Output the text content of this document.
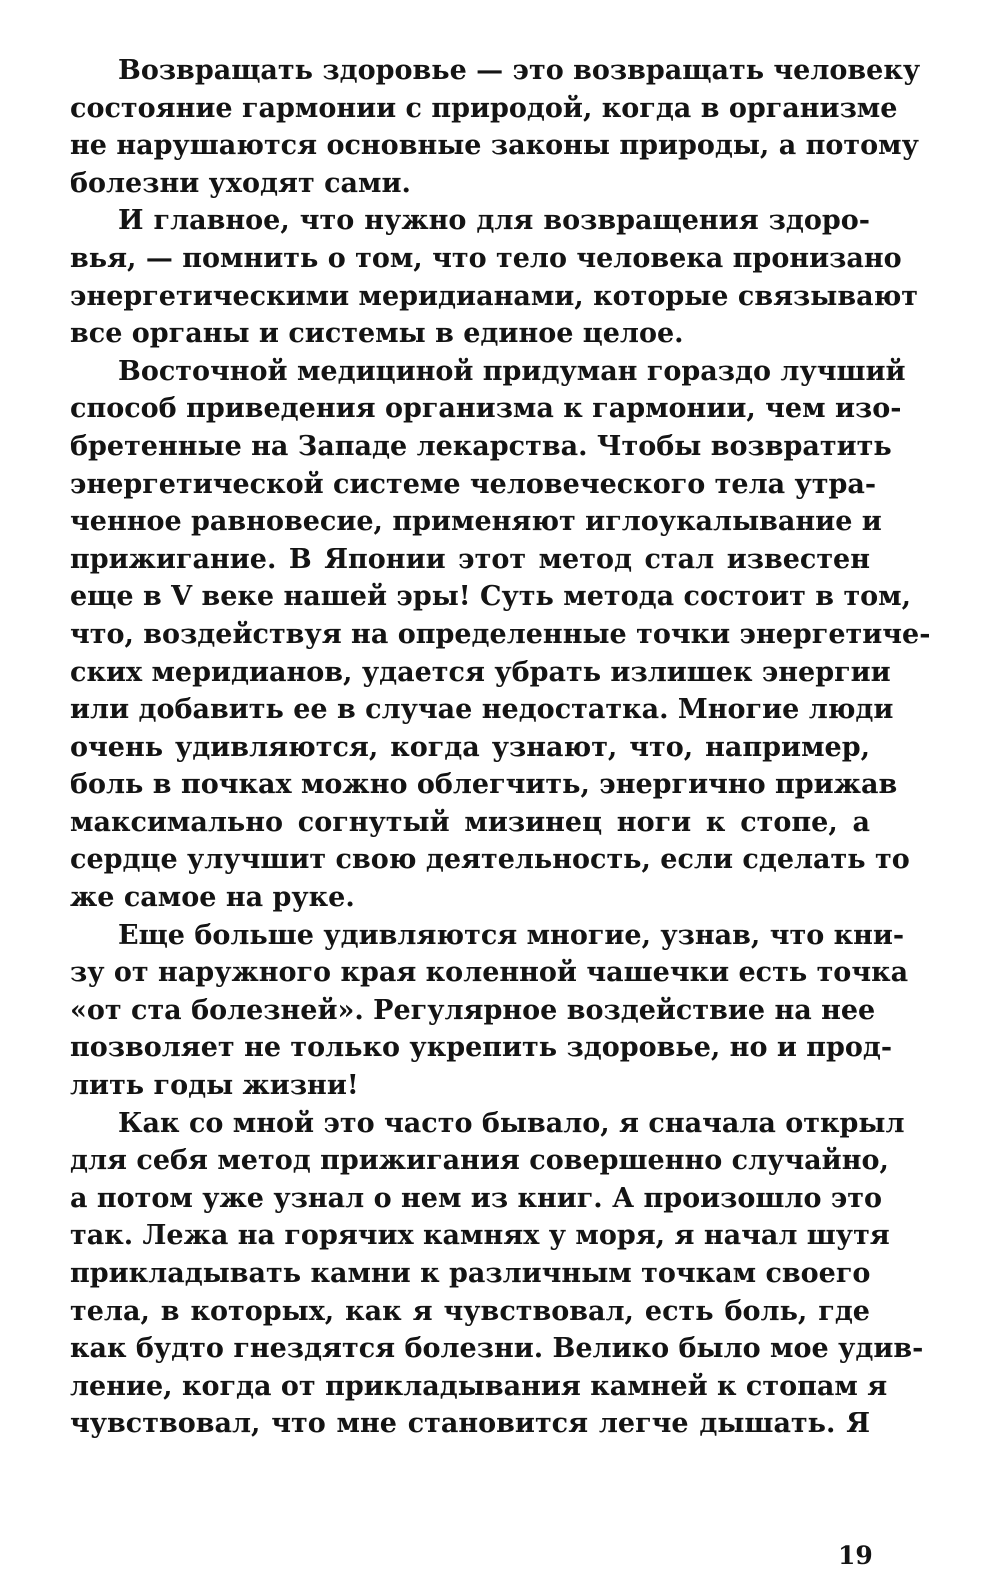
Возвращать здоровье — это возвращать человеку
состояние гармонии с природой, когда в организме
не нарушаются основные законы природы, а потому
болезни уходят сами.
И главное, что нужно для возвращения здоро-
вья, — помнить о том, что тело человека пронизано
энергетическими меридианами, которые связывают
все органы и системы в единое целое.
Восточной медициной придуман гораздо лучший
способ приведения организма к гармонии, чем изо-
бретенные на Западе лекарства. Чтобы возвратить
энергетической системе человеческого тела утра-
ченное равновесие, применяют иглоукалывание и
прижигание. В Японии этот метод стал известен
еще в V веке нашей эры! Суть метода состоит в том,
что, воздействуя на определенные точки энергетиче-
ских меридианов, удается убрать излишек энергии
или добавить ее в случае недостатка. Многие люди
очень удивляются, когда узнают, что, например,
боль в почках можно облегчить, энергично прижав
максимально согнутый мизинец ноги к стопе, а
сердце улучшит свою деятельность, если сделать то
же самое на руке.
Еще больше удивляются многие, узнав, что кни-
зу от наружного края коленной чашечки есть точка
«от ста болезней». Регулярное воздействие на нее
позволяет не только укрепить здоровье, но и прод-
лить годы жизни!
Как со мной это часто бывало, я сначала открыл
для себя метод прижигания совершенно случайно,
а потом уже узнал о нем из книг. А произошло это
так. Лежа на горячих камнях у моря, я начал шутя
прикладывать камни к различным точкам своего
тела, в которых, как я чувствовал, есть боль, где
как будто гнездятся болезни. Велико было мое удив-
ление, когда от прикладывания камней к стопам я
чувствовал, что мне становится легче дышать. Я
19
